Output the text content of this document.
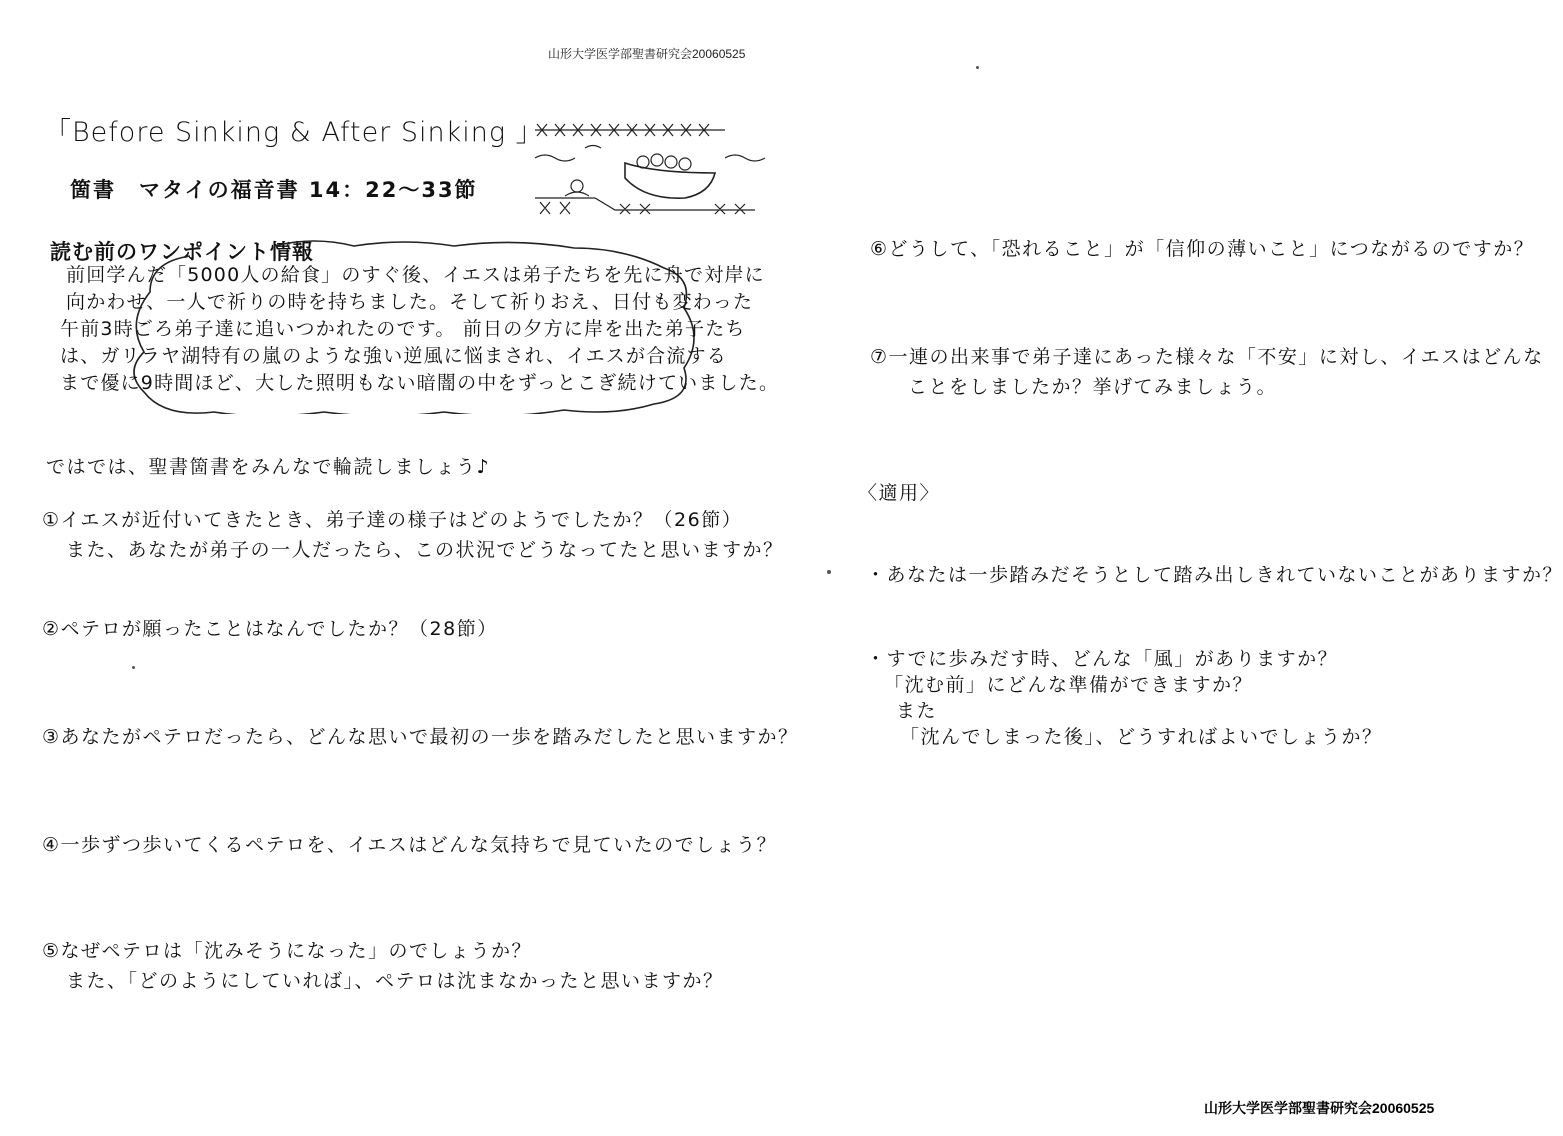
山形大学医学部聖書研究会20060525
「Before Sinking & After Sinking 」
箇書　マタイの福音書 14：22～33節
読む前のワンポイント情報
前回学んだ「5000人の給食」のすぐ後、イエスは弟子たちを先に舟で対岸に
向かわせ、一人で祈りの時を持ちました。そして祈りおえ、日付も変わった
午前3時ごろ弟子達に追いつかれたのです。 前日の夕方に岸を出た弟子たち
は、ガリラヤ湖特有の嵐のような強い逆風に悩まされ、イエスが合流する
まで優に9時間ほど、大した照明もない暗闇の中をずっとこぎ続けていました。
ではでは、聖書箇書をみんなで輪読しましょう♪
①イエスが近付いてきたとき、弟子達の様子はどのようでしたか？（26節）
また、あなたが弟子の一人だったら、この状況でどうなってたと思いますか？
②ペテロが願ったことはなんでしたか？（28節）
③あなたがペテロだったら、どんな思いで最初の一歩を踏みだしたと思いますか？
④一歩ずつ歩いてくるペテロを、イエスはどんな気持ちで見ていたのでしょう？
⑤なぜペテロは「沈みそうになった」のでしょうか？
また、「どのようにしていれば」、ペテロは沈まなかったと思いますか？
⑥どうして、「恐れること」が「信仰の薄いこと」につながるのですか？
⑦一連の出来事で弟子達にあった様々な「不安」に対し、イエスはどんな
ことをしましたか？挙げてみましょう。
〈適用〉
・あなたは一歩踏みだそうとして踏み出しきれていないことがありますか？
・すでに歩みだす時、どんな「風」がありますか？
「沈む前」にどんな準備ができますか？
また
「沈んでしまった後」、どうすればよいでしょうか？
山形大学医学部聖書研究会20060525
